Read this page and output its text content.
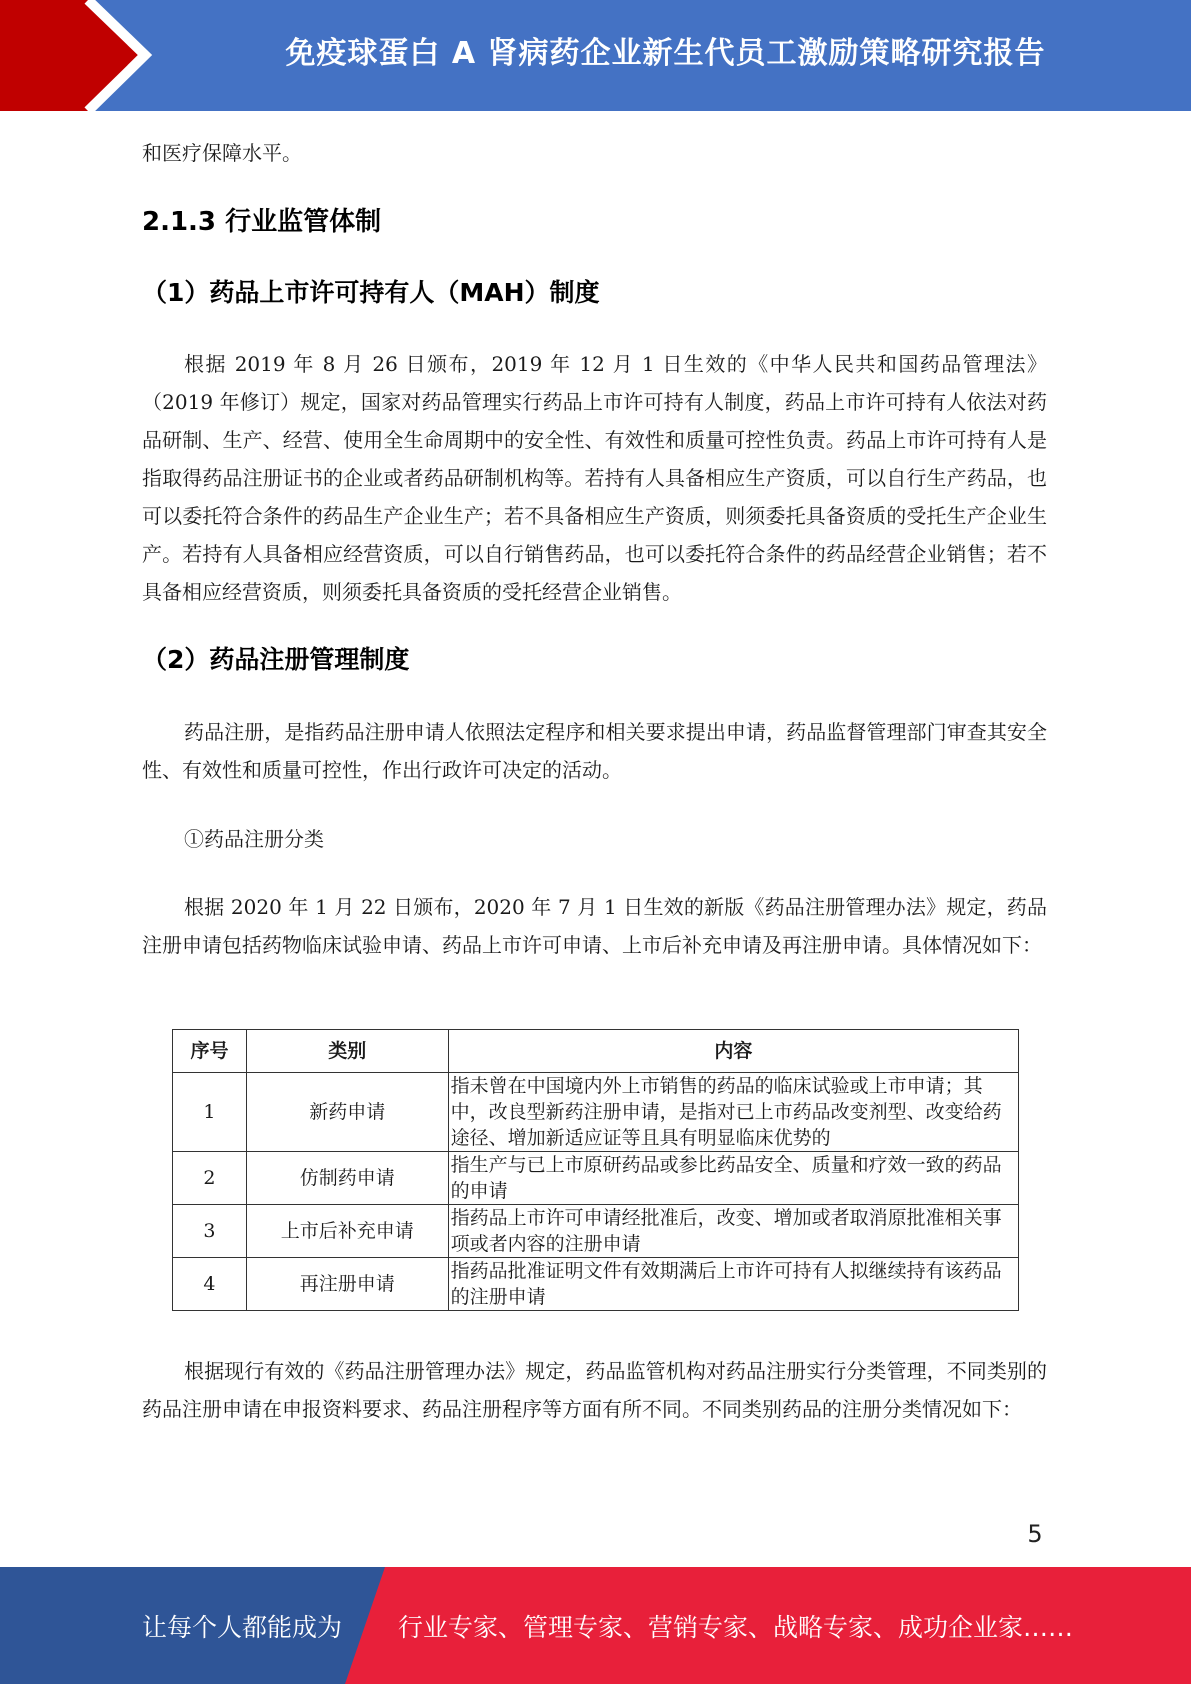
免疫球蛋白 A 肾病药企业新生代员工激励策略研究报告

和医疗保障水平。

2.1.3 行业监管体制
（1）药品上市许可持有人（MAH）制度

根据 2019 年 8 月 26 日颁布，2019 年 12 月 1 日生效的《中华人民共和国药品管理法》（2019 年修订）规定，国家对药品管理实行药品上市许可持有人制度，药品上市许可持有人依法对药品研制、生产、经营、使用全生命周期中的安全性、有效性和质量可控性负责。药品上市许可持有人是指取得药品注册证书的企业或者药品研制机构等。若持有人具备相应生产资质，可以自行生产药品，也可以委托符合条件的药品生产企业生产；若不具备相应生产资质，则须委托具备资质的受托生产企业生产。若持有人具备相应经营资质，可以自行销售药品，也可以委托符合条件的药品经营企业销售；若不具备相应经营资质，则须委托具备资质的受托经营企业销售。

（2）药品注册管理制度

药品注册，是指药品注册申请人依照法定程序和相关要求提出申请，药品监督管理部门审查其安全性、有效性和质量可控性，作出行政许可决定的活动。

①药品注册分类

根据 2020 年 1 月 22 日颁布，2020 年 7 月 1 日生效的新版《药品注册管理办法》规定，药品注册申请包括药物临床试验申请、药品上市许可申请、上市后补充申请及再注册申请。具体情况如下：

根据现行有效的《药品注册管理办法》规定，药品监管机构对药品注册实行分类管理，不同类别的药品注册申请在申报资料要求、药品注册程序等方面有所不同。不同类别药品的注册分类情况如下：

序号	类别	内容
1	新药申请	指未曾在中国境内外上市销售的药品的临床试验或上市申请；其中，改良型新药注册申请，是指对已上市药品改变剂型、改变给药途径、增加新适应证等且具有明显临床优势的
2	仿制药申请	指生产与已上市原研药品或参比药品安全、质量和疗效一致的药品的申请
3	上市后补充申请	指药品上市许可申请经批准后，改变、增加或者取消原批准相关事项或者内容的注册申请
4	再注册申请	指药品批准证明文件有效期满后上市许可持有人拟继续持有该药品的注册申请
5
让每个人都能成为 行业专家、管理专家、营销专家、战略专家、成功企业家……
